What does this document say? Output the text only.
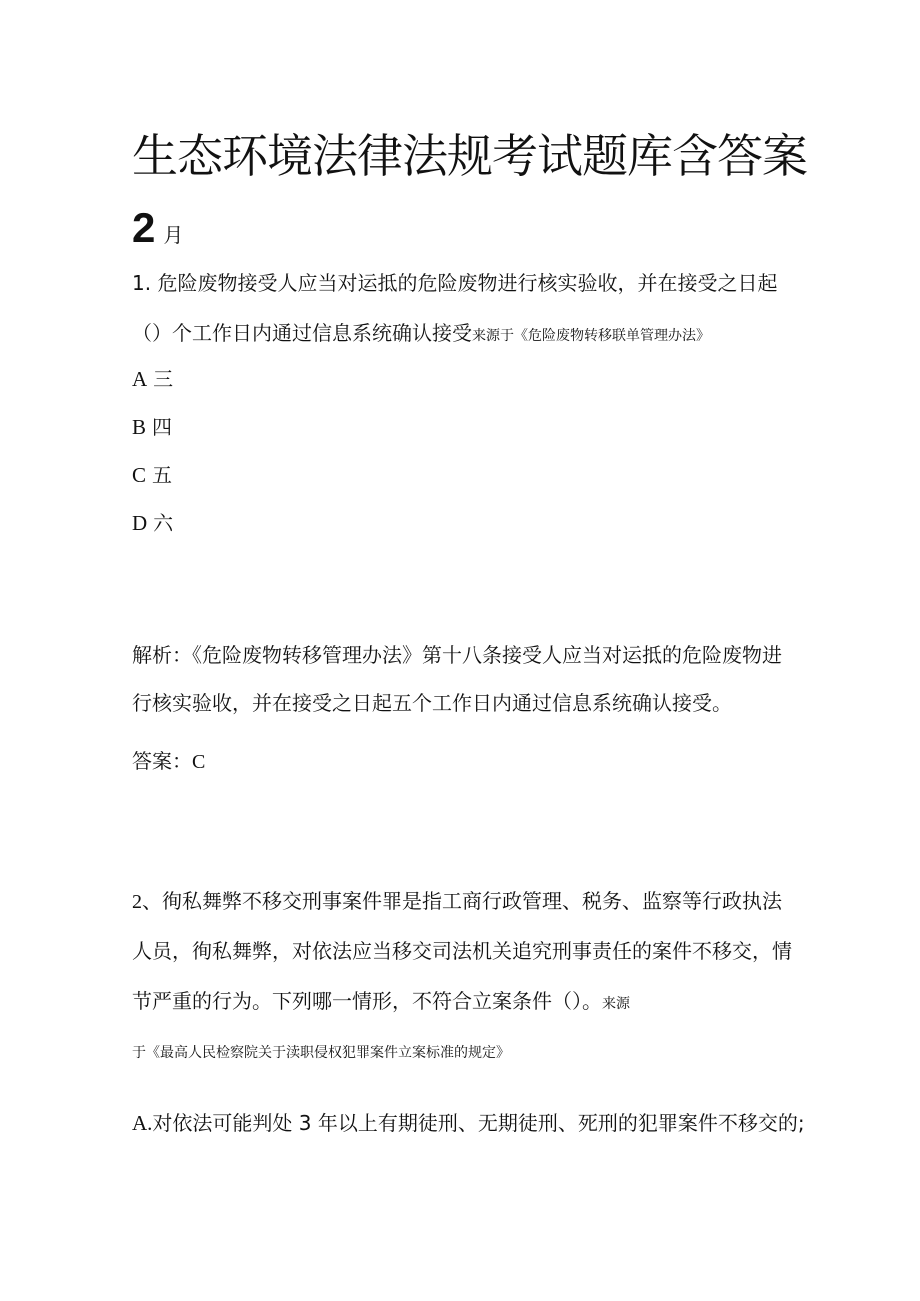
生态环境法律法规考试题库含答案
2 月
1. 危险废物接受人应当对运抵的危险废物进行核实验收，并在接受之日起
（）个工作日内通过信息系统确认接受来源于《危险废物转移联单管理办法》
A 三
B 四
C 五
D 六
解析：《危险废物转移管理办法》第十八条接受人应当对运抵的危险废物进
行核实验收，并在接受之日起五个工作日内通过信息系统确认接受。
答案：C
2、徇私舞弊不移交刑事案件罪是指工商行政管理、税务、监察等行政执法
人员，徇私舞弊，对依法应当移交司法机关追究刑事责任的案件不移交，情
节严重的行为。下列哪一情形，不符合立案条件（）。来源
于《最高人民检察院关于渎职侵权犯罪案件立案标准的规定》
A.对依法可能判处 3 年以上有期徒刑、无期徒刑、死刑的犯罪案件不移交的;
